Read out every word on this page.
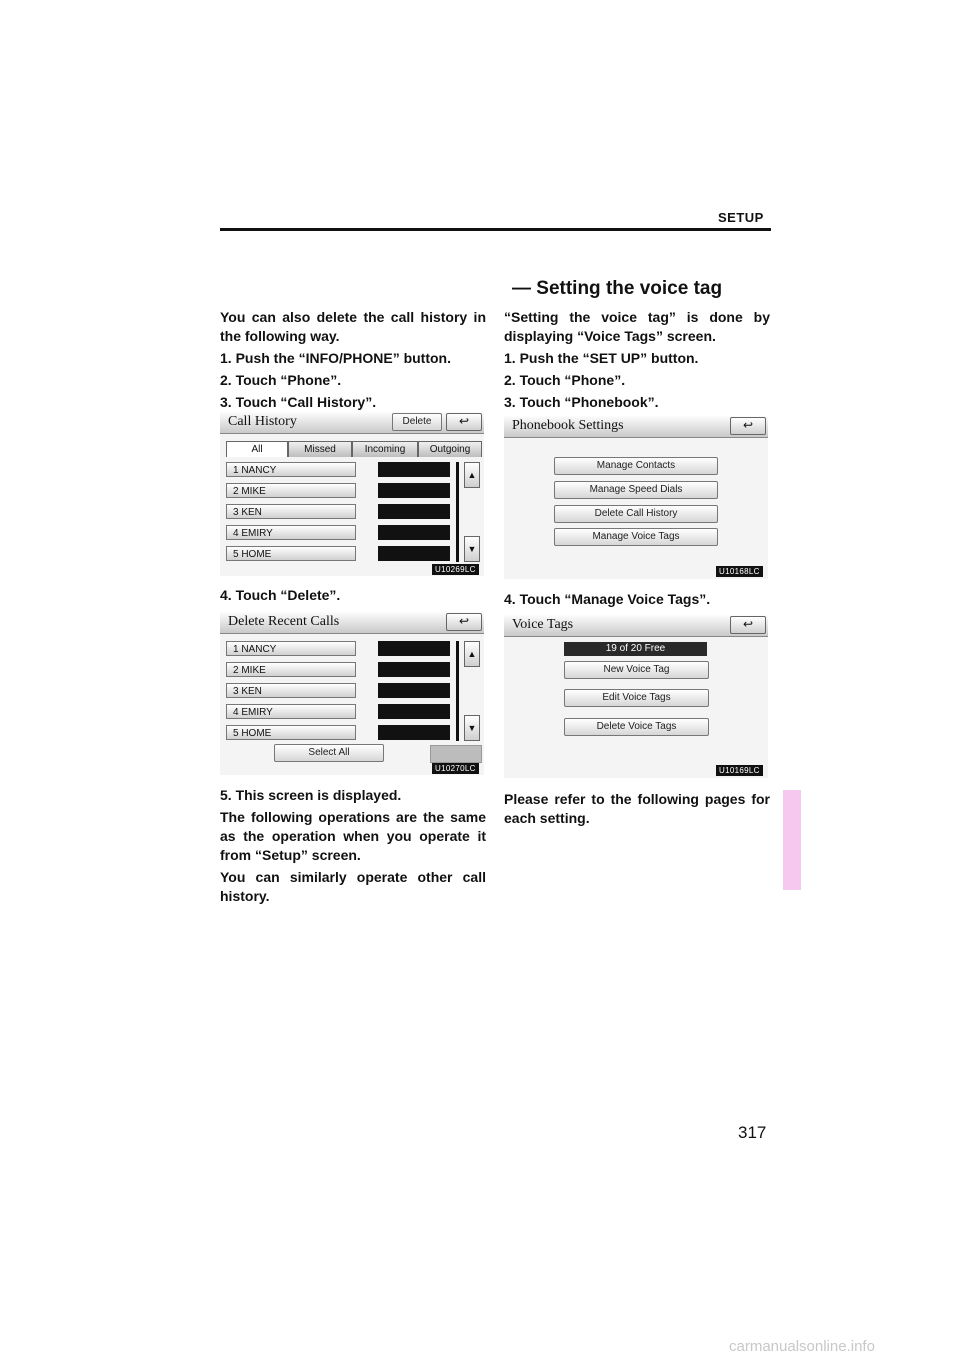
SETUP

You can also delete the call history in the following way.

1. Push the “INFO/PHONE” button.

2. Touch “Phone”.

3. Touch “Call History”.

Call History	Delete	↩
All	Missed	Incoming	Outgoing
1 NANCY
2 MIKE
3 KEN
4 EMIRY
5 HOME
▲
▼
U10269LC
4. Touch “Delete”.
Delete Recent Calls	↩
1 NANCY
2 MIKE
3 KEN
4 EMIRY
5 HOME
▲
▼
Select All
U10270LC

5. This screen is displayed.

The following operations are the same as the operation when you operate it from “Setup” screen.

You can similarly operate other call history.

— Setting the voice tag

“Setting the voice tag” is done by displaying “Voice Tags” screen.

1. Push the “SET UP” button.

2. Touch “Phone”.

3. Touch “Phonebook”.

Phonebook Settings	↩
Manage Contacts
Manage Speed Dials
Delete Call History
Manage Voice Tags
U10168LC
4. Touch “Manage Voice Tags”.
Voice Tags	↩
19 of 20 Free
New Voice Tag
Edit Voice Tags
Delete Voice Tags
U10169LC
Please refer to the following pages for each setting.
317
carmanualsonline.info
